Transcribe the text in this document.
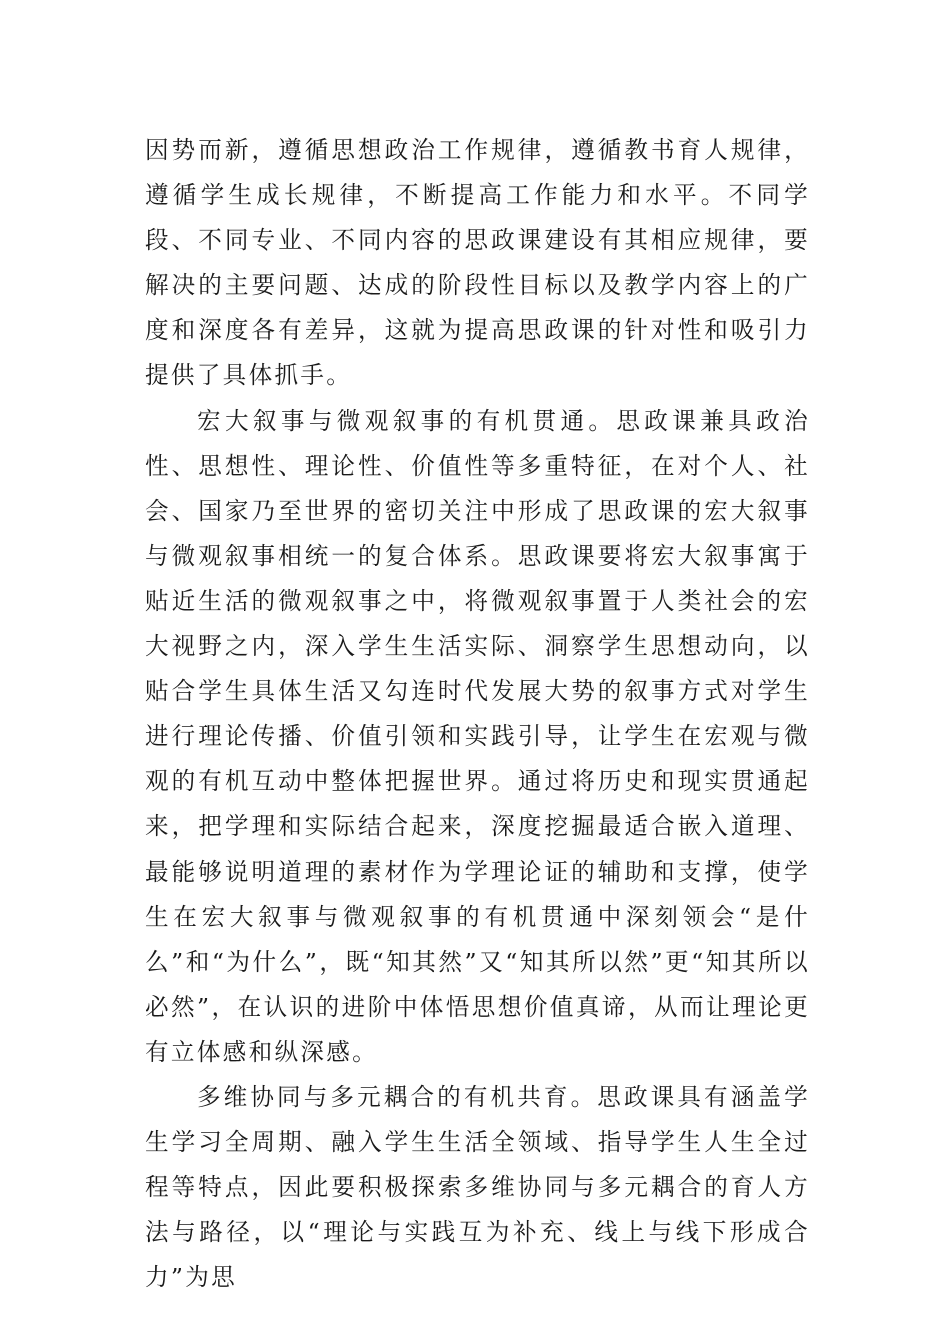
因势而新，遵循思想政治工作规律，遵循教书育人规律，遵循学生成长规律，不断提高工作能力和水平。不同学段、不同专业、不同内容的思政课建设有其相应规律，要解决的主要问题、达成的阶段性目标以及教学内容上的广度和深度各有差异，这就为提高思政课的针对性和吸引力提供了具体抓手。

宏大叙事与微观叙事的有机贯通。思政课兼具政治性、思想性、理论性、价值性等多重特征，在对个人、社会、国家乃至世界的密切关注中形成了思政课的宏大叙事与微观叙事相统一的复合体系。思政课要将宏大叙事寓于贴近生活的微观叙事之中，将微观叙事置于人类社会的宏大视野之内，深入学生生活实际、洞察学生思想动向，以贴合学生具体生活又勾连时代发展大势的叙事方式对学生进行理论传播、价值引领和实践引导，让学生在宏观与微观的有机互动中整体把握世界。通过将历史和现实贯通起来，把学理和实际结合起来，深度挖掘最适合嵌入道理、最能够说明道理的素材作为学理论证的辅助和支撑，使学生在宏大叙事与微观叙事的有机贯通中深刻领会“是什么”和“为什么”，既“知其然”又“知其所以然”更“知其所以必然”，在认识的进阶中体悟思想价值真谛，从而让理论更有立体感和纵深感。

多维协同与多元耦合的有机共育。思政课具有涵盖学生学习全周期、融入学生生活全领域、指导学生人生全过程等特点，因此要积极探索多维协同与多元耦合的育人方法与路径，以“理论与实践互为补充、线上与线下形成合力”为思
